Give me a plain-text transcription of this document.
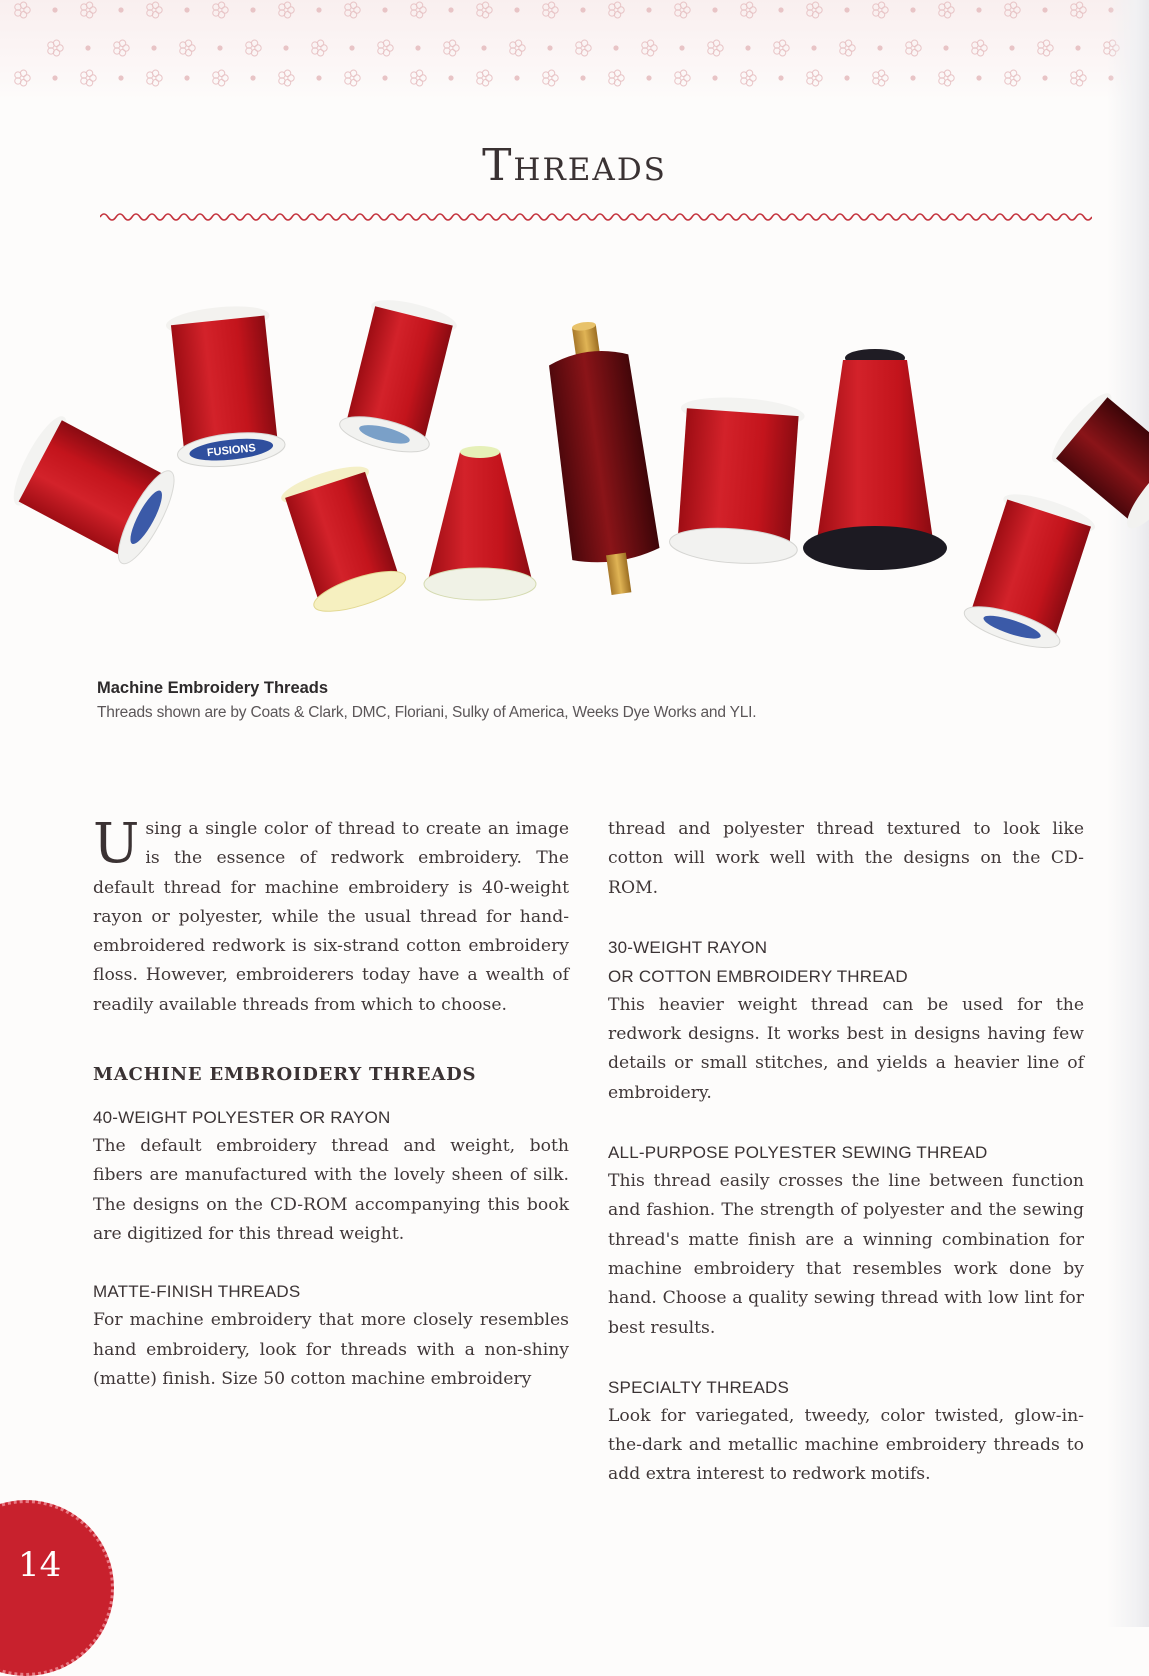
Threads
FUSIONS

Machine Embroidery Threads

Threads shown are by Coats & Clark, DMC, Floriani, Sulky of America, Weeks Dye Works and YLI.

Using a single color of thread to create an image is the essence of redwork embroidery. The default thread for machine embroidery is 40-weight rayon or polyester, while the usual thread for hand-embroidered redwork is six-strand cotton embroidery floss. However, embroiderers today have a wealth of readily available threads from which to choose.

MACHINE EMBROIDERY THREADS

40-WEIGHT POLYESTER OR RAYON

The default embroidery thread and weight, both fibers are manufactured with the lovely sheen of silk. The designs on the CD-ROM accompanying this book are digitized for this thread weight.

MATTE-FINISH THREADS

For machine embroidery that more closely resembles hand embroidery, look for threads with a non-shiny (matte) finish. Size 50 cotton machine embroidery

thread and polyester thread textured to look like cotton will work well with the designs on the CD-ROM.

30-WEIGHT RAYON

OR COTTON EMBROIDERY THREAD

This heavier weight thread can be used for the redwork designs. It works best in designs having few details or small stitches, and yields a heavier line of embroidery.

ALL-PURPOSE POLYESTER SEWING THREAD

This thread easily crosses the line between function and fashion. The strength of polyester and the sewing thread's matte finish are a winning combination for machine embroidery that resembles work done by hand. Choose a quality sewing thread with low lint for best results.

SPECIALTY THREADS

Look for variegated, tweedy, color twisted, glow-in-the-dark and metallic machine embroidery threads to add extra interest to redwork motifs.

14
